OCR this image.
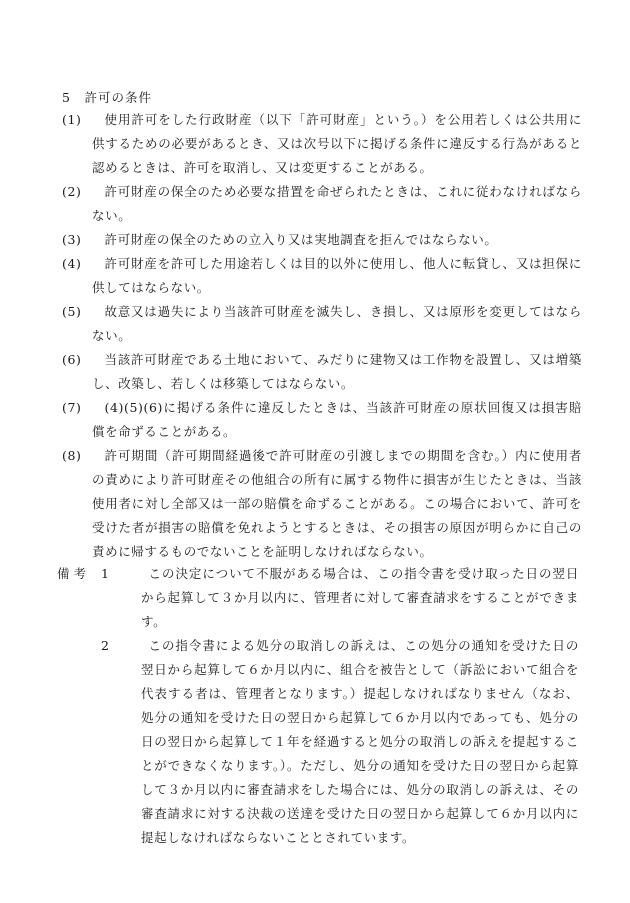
5　 許可の条件
(1)	使用許可をした行政財産（以下「許可財産」という。）を公用若しくは公共用に供するための必要があるとき、又は次号以下に掲げる条件に違反する行為があると認めるときは、許可を取消し、又は変更することがある。
(2)	許可財産の保全のため必要な措置を命ぜられたときは、これに従わなければならない。
(3)	許可財産の保全のための立入り又は実地調査を拒んではならない。
(4)	許可財産を許可した用途若しくは目的以外に使用し、他人に転貸し、又は担保に供してはならない。
(5)	故意又は過失により当該許可財産を滅失し、き損し、又は原形を変更してはならない。
(6)	当該許可財産である土地において、みだりに建物又は工作物を設置し、又は増築し、改築し、若しくは移築してはならない。
(7)	(4)(5)(6)に掲げる条件に違反したときは、当該許可財産の原状回復又は損害賠償を命ずることがある。
(8)	許可期間（許可期間経過後で許可財産の引渡しまでの期間を含む。）内に使用者の責めにより許可財産その他組合の所有に属する物件に損害が生じたときは、当該使用者に対し全部又は一部の賠償を命ずることがある。この場合において、許可を受けた者が損害の賠償を免れようとするときは、その損害の原因が明らかに自己の責めに帰するものでないことを証明しなければならない。
備考 1	この決定について不服がある場合は、この指令書を受け取った日の翌日から起算して３か月以内に、管理者に対して審査請求をすることができます。
2	この指令書による処分の取消しの訴えは、この処分の通知を受けた日の翌日から起算して６か月以内に、組合を被告として（訴訟において組合を代表する者は、管理者となります。）提起しなければなりません（なお、処分の通知を受けた日の翌日から起算して６か月以内であっても、処分の日の翌日から起算して１年を経過すると処分の取消しの訴えを提起することができなくなります。）。ただし、処分の通知を受けた日の翌日から起算して３か月以内に審査請求をした場合には、処分の取消しの訴えは、その審査請求に対する決裁の送達を受けた日の翌日から起算して６か月以内に提起しなければならないこととされています。
